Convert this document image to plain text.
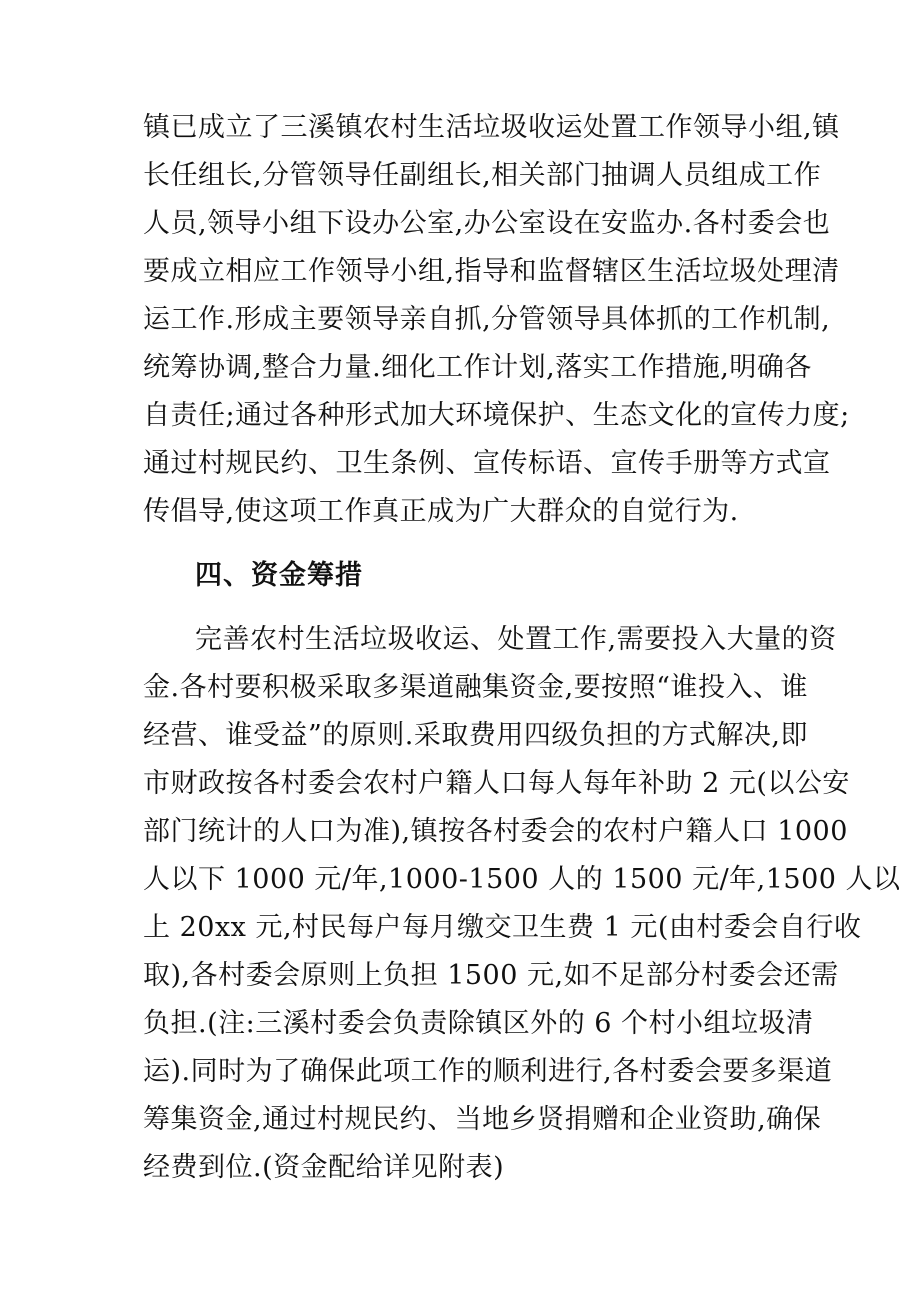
镇已成立了三溪镇农村生活垃圾收运处置工作领导小组,镇
长任组长,分管领导任副组长,相关部门抽调人员组成工作
人员,领导小组下设办公室,办公室设在安监办.各村委会也
要成立相应工作领导小组,指导和监督辖区生活垃圾处理清
运工作.形成主要领导亲自抓,分管领导具体抓的工作机制,
统筹协调,整合力量.细化工作计划,落实工作措施,明确各
自责任;通过各种形式加大环境保护、生态文化的宣传力度;
通过村规民约、卫生条例、宣传标语、宣传手册等方式宣
传倡导,使这项工作真正成为广大群众的自觉行为.
四、资金筹措
完善农村生活垃圾收运、处置工作,需要投入大量的资
金.各村要积极采取多渠道融集资金,要按照“谁投入、谁
经营、谁受益”的原则.采取费用四级负担的方式解决,即
市财政按各村委会农村户籍人口每人每年补助 2 元(以公安
部门统计的人口为准),镇按各村委会的农村户籍人口 1000
人以下 1000 元/年,1000-1500 人的 1500 元/年,1500 人以
上 20xx 元,村民每户每月缴交卫生费 1 元(由村委会自行收
取),各村委会原则上负担 1500 元,如不足部分村委会还需
负担.(注:三溪村委会负责除镇区外的 6 个村小组垃圾清
运).同时为了确保此项工作的顺利进行,各村委会要多渠道
筹集资金,通过村规民约、当地乡贤捐赠和企业资助,确保
经费到位.(资金配给详见附表)
